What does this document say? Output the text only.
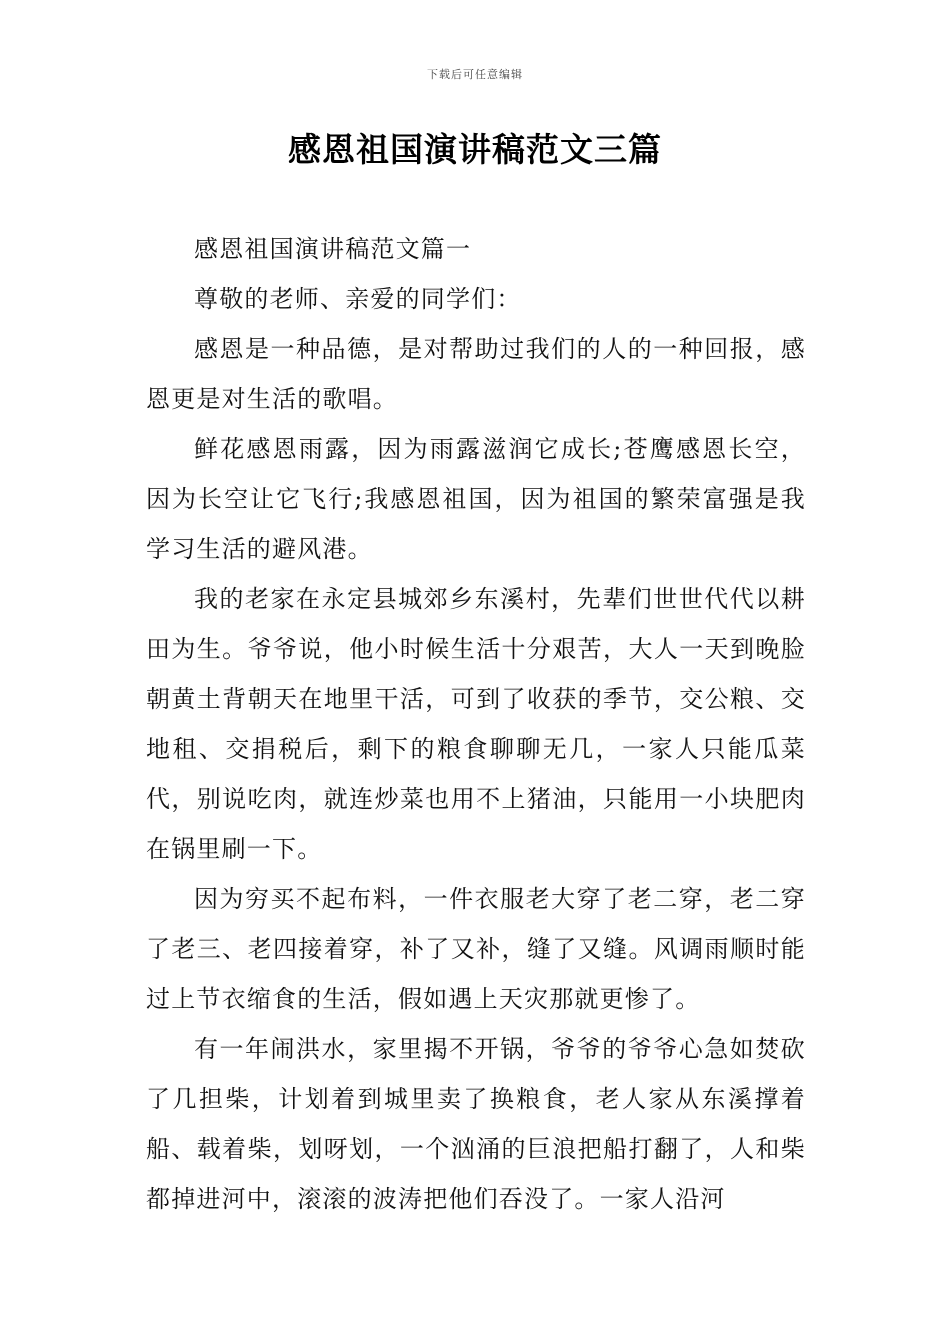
下载后可任意编辑
感恩祖国演讲稿范文三篇

感恩祖国演讲稿范文篇一

尊敬的老师、亲爱的同学们：

感恩是一种品德，是对帮助过我们的人的一种回报，感恩更是对生活的歌唱。

鲜花感恩雨露，因为雨露滋润它成长;苍鹰感恩长空，因为长空让它飞行;我感恩祖国，因为祖国的繁荣富强是我学习生活的避风港。

我的老家在永定县城郊乡东溪村，先辈们世世代代以耕田为生。爷爷说，他小时候生活十分艰苦，大人一天到晚脸朝黄土背朝天在地里干活，可到了收获的季节，交公粮、交地租、交捐税后，剩下的粮食聊聊无几，一家人只能瓜菜代，别说吃肉，就连炒菜也用不上猪油，只能用一小块肥肉在锅里刷一下。

因为穷买不起布料，一件衣服老大穿了老二穿，老二穿了老三、老四接着穿，补了又补，缝了又缝。风调雨顺时能过上节衣缩食的生活，假如遇上天灾那就更惨了。

有一年闹洪水，家里揭不开锅，爷爷的爷爷心急如焚砍了几担柴，计划着到城里卖了换粮食，老人家从东溪撑着船、载着柴，划呀划，一个汹涌的巨浪把船打翻了，人和柴都掉进河中，滚滚的波涛把他们吞没了。一家人沿河
